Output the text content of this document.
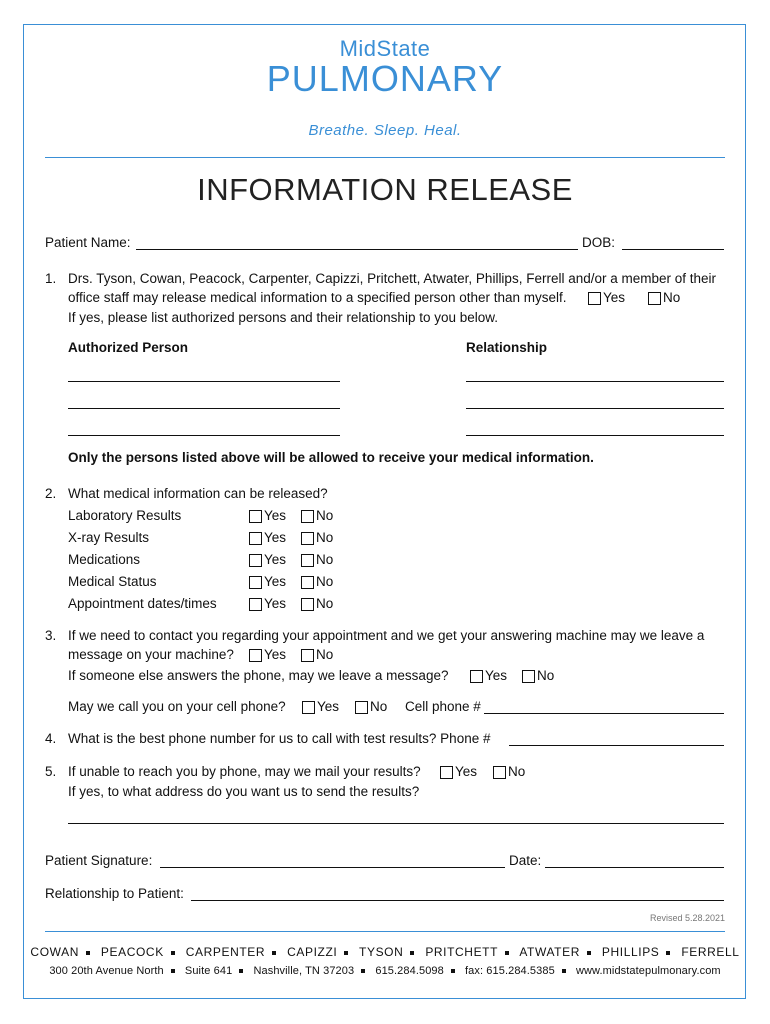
MidState
PULMONARY
Breathe. Sleep. Heal.
INFORMATION RELEASE
Patient Name:	DOB:
1. Drs. Tyson, Cowan, Peacock, Carpenter, Capizzi, Pritchett, Atwater, Phillips, Ferrell and/or a member of their
office staff may release medical information to a specified person other than myself.	Yes	No
If yes, please list authorized persons and their relationship to you below.
Authorized Person	Relationship
Only the persons listed above will be allowed to receive your medical information.
2. What medical information can be released?
Laboratory Results	Yes No
X-ray Results	Yes No
Medications	Yes No
Medical Status	Yes No
Appointment dates/times	Yes No
3. If we need to contact you regarding your appointment and we get your answering machine may we leave a
message on your machine? Yes No
If someone else answers the phone, may we leave a message?	Yes No
May we call you on your cell phone? Yes No Cell phone #
4. What is the best phone number for us to call with test results? Phone #
5. If unable to reach you by phone, may we mail your results?	Yes No
If yes, to what address do you want us to send the results?
Patient Signature:	Date:
Relationship to Patient:
Revised 5.28.2021
COWAN PEACOCK CARPENTER CAPIZZI TYSON PRITCHETT ATWATER PHILLIPS FERRELL
300 20th Avenue North Suite 641 Nashville, TN 37203 615.284.5098 fax: 615.284.5385 www.midstatepulmonary.com
